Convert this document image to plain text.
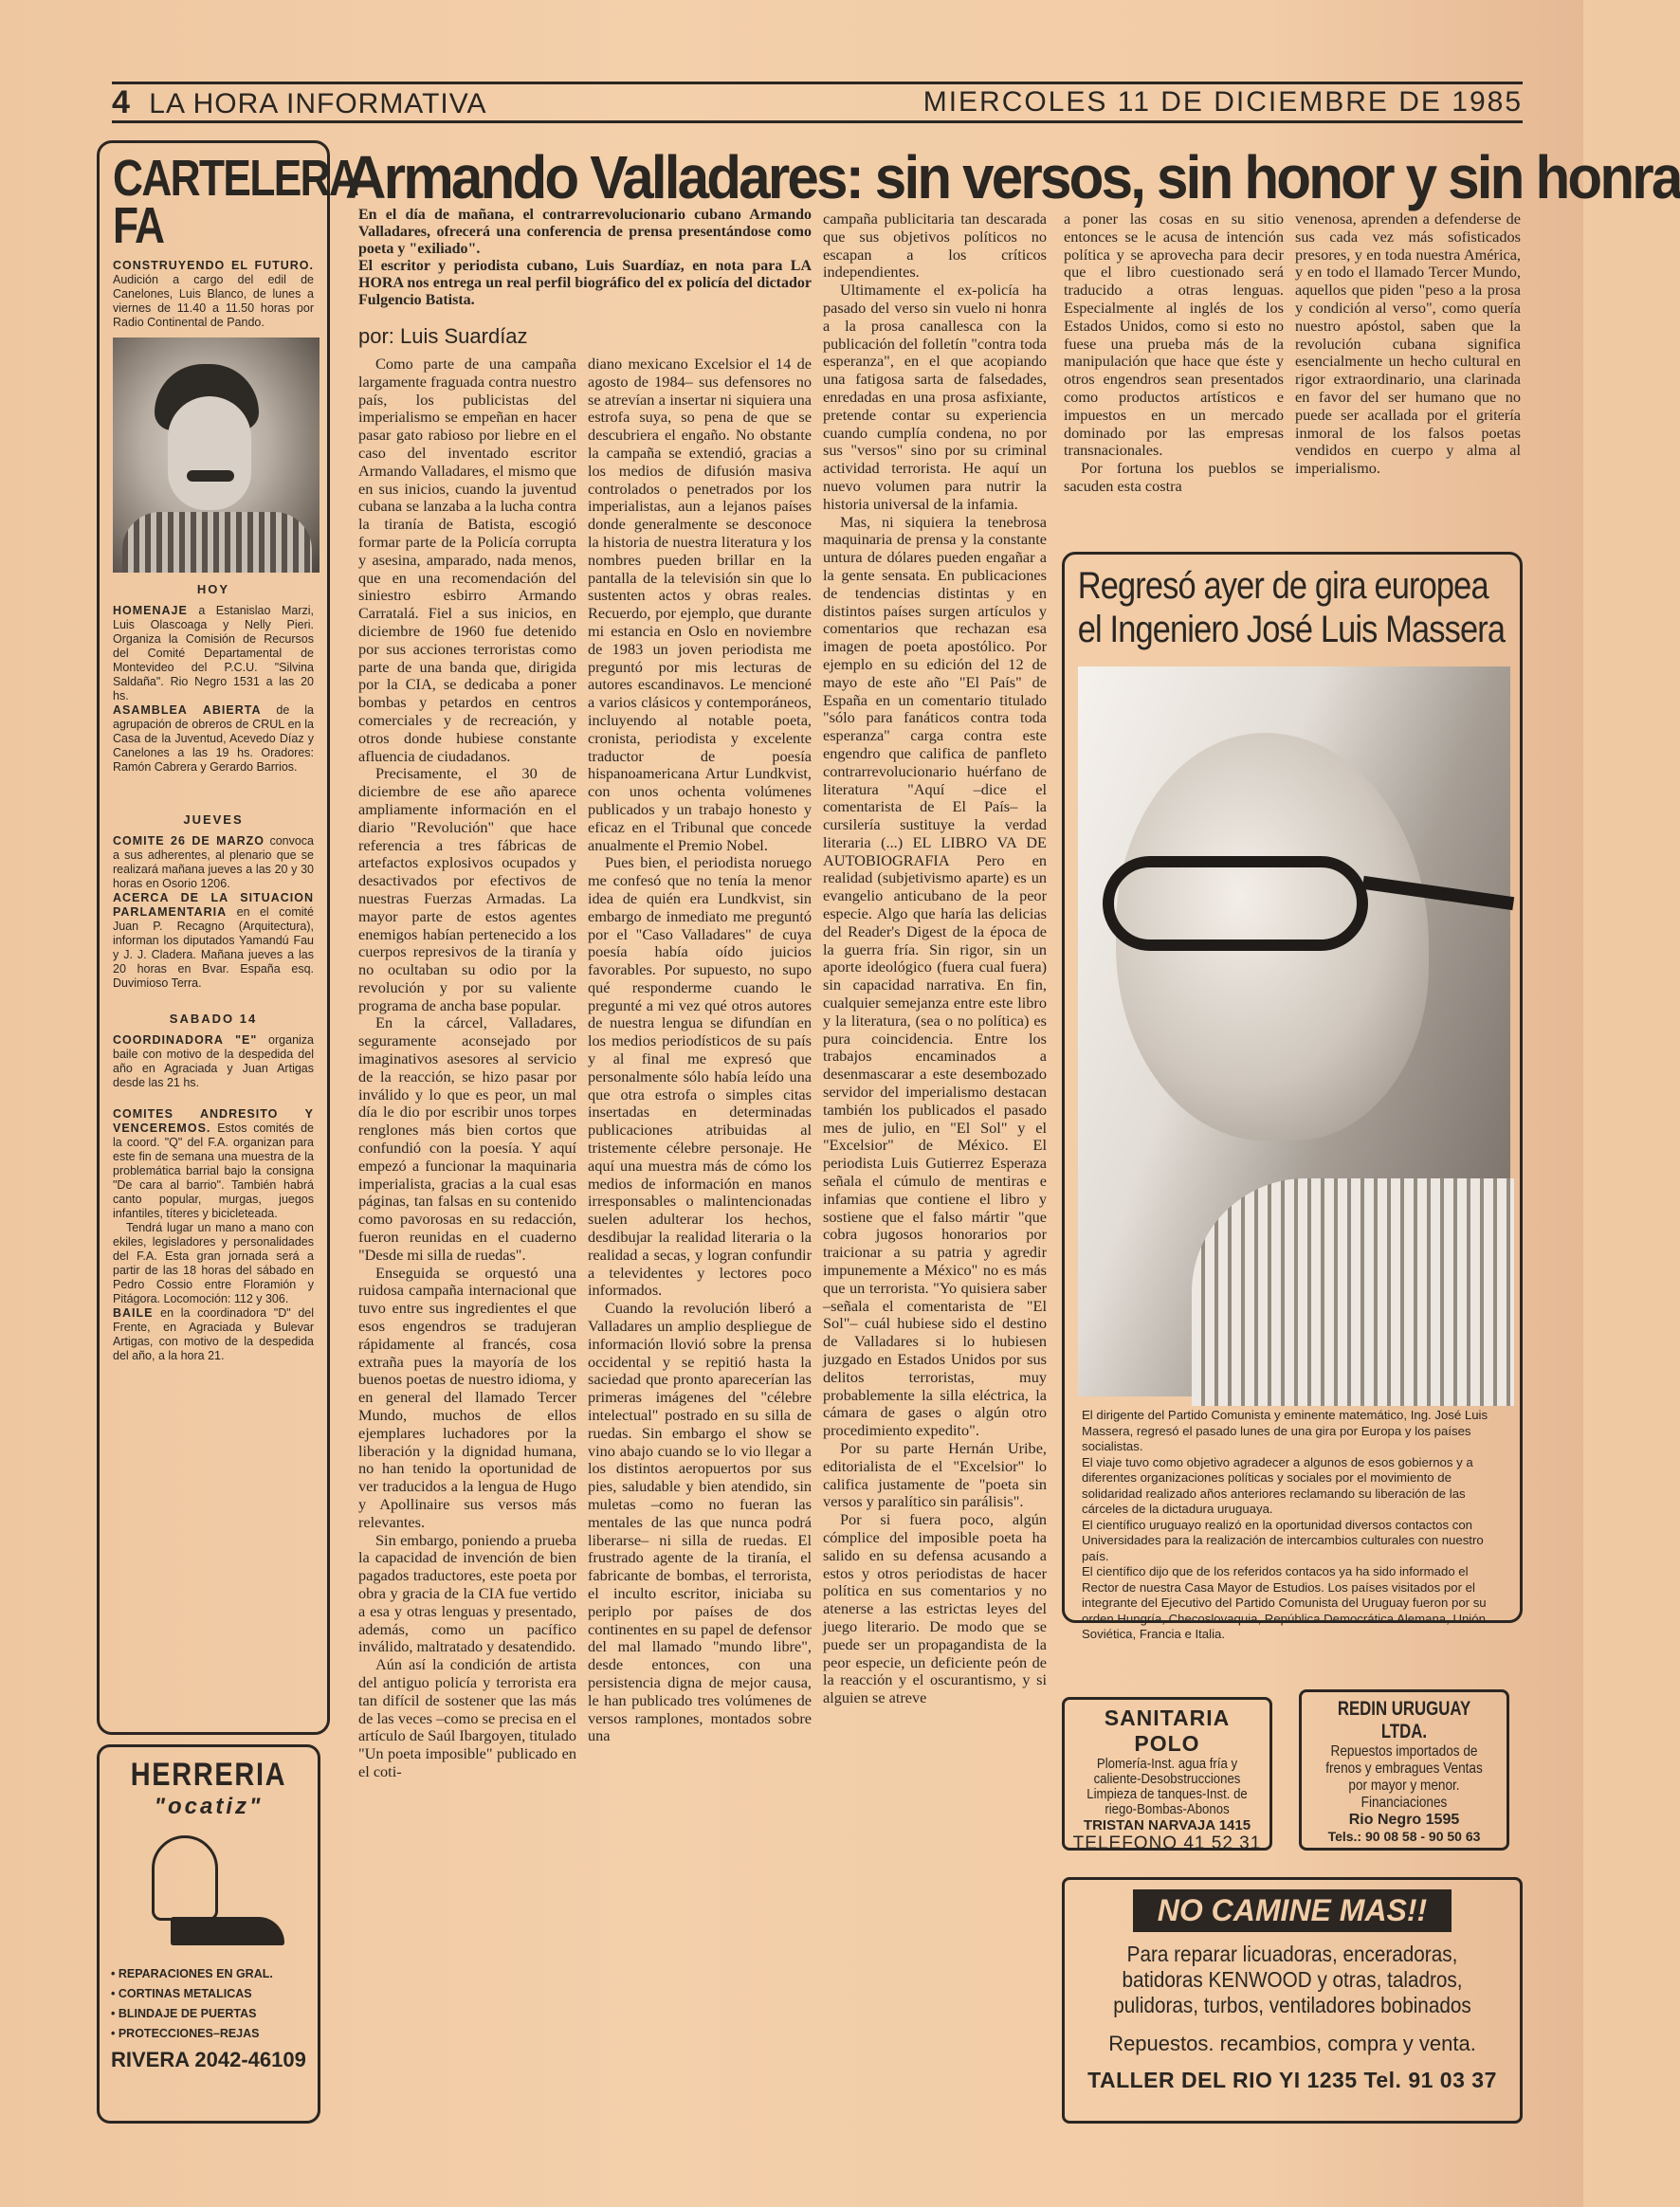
4 LA HORA INFORMATIVA	MIERCOLES 11 DE DICIEMBRE DE 1985
CARTELERA
FA

CONSTRUYENDO EL FUTURO. Audición a cargo del edil de Canelones, Luis Blanco, de lunes a viernes de 11.40 a 11.50 horas por Radio Continental de Pando.

HOY

HOMENAJE a Estanislao Marzi, Luis Olascoaga y Nelly Pieri. Organiza la Comisión de Recursos del Comité Departamental de Montevideo del P.C.U. "Silvina Saldaña". Rio Negro 1531 a las 20 hs.

ASAMBLEA ABIERTA de la agrupación de obreros de CRUL en la Casa de la Juventud, Acevedo Díaz y Canelones a las 19 hs. Oradores: Ramón Cabrera y Gerardo Barrios.

JUEVES

COMITE 26 DE MARZO convoca a sus adherentes, al plenario que se realizará mañana jueves a las 20 y 30 horas en Osorio 1206.

ACERCA DE LA SITUACION PARLAMENTARIA en el comité Juan P. Recagno (Arquitectura), informan los diputados Yamandú Fau y J. J. Cladera. Mañana jueves a las 20 horas en Bvar. España esq. Duvimioso Terra.

SABADO 14

COORDINADORA "E" organiza baile con motivo de la despedida del año en Agraciada y Juan Artigas desde las 21 hs.

COMITES ANDRESITO Y VENCEREMOS. Estos comités de la coord. "Q" del F.A. organizan para este fin de semana una muestra de la problemática barrial bajo la consigna "De cara al barrio". También habrá canto popular, murgas, juegos infantiles, títeres y bicicleteada.

Tendrá lugar un mano a mano con ekiles, legisladores y personalidades del F.A. Esta gran jornada será a partir de las 18 horas del sábado en Pedro Cossio entre Floramión y Pitágora. Locomoción: 112 y 306.

BAILE en la coordinadora "D" del Frente, en Agraciada y Bulevar Artigas, con motivo de la despedida del año, a la hora 21.

HERRERIA
"ocatiz"
• REPARACIONES EN GRAL.
• CORTINAS METALICAS
• BLINDAJE DE PUERTAS
• PROTECCIONES–REJAS
RIVERA 2042-46109
Armando Valladares: sin versos, sin honor y sin honra

En el día de mañana, el contrarrevolucionario cubano Armando Valladares, ofrecerá una conferencia de prensa presentándose como poeta y "exiliado".

El escritor y periodista cubano, Luis Suardíaz, en nota para LA HORA nos entrega un real perfil biográfico del ex policía del dictador Fulgencio Batista.

por: Luis Suardíaz

Como parte de una campaña largamente fraguada contra nuestro país, los publicistas del imperialismo se empeñan en hacer pasar gato rabioso por liebre en el caso del inventado escritor Armando Valladares, el mismo que en sus inicios, cuando la juventud cubana se lanzaba a la lucha contra la tiranía de Batista, escogió formar parte de la Policía corrupta y asesina, amparado, nada menos, que en una recomendación del siniestro esbirro Armando Carratalá. Fiel a sus inicios, en diciembre de 1960 fue detenido por sus acciones terroristas como parte de una banda que, dirigida por la CIA, se dedicaba a poner bombas y petardos en centros comerciales y de recreación, y otros donde hubiese constante afluencia de ciudadanos.

Precisamente, el 30 de diciembre de ese año aparece ampliamente información en el diario "Revolución" que hace referencia a tres fábricas de artefactos explosivos ocupados y desactivados por efectivos de nuestras Fuerzas Armadas. La mayor parte de estos agentes enemigos habían pertenecido a los cuerpos represivos de la tiranía y no ocultaban su odio por la revolución y por su valiente programa de ancha base popular.

En la cárcel, Valladares, seguramente aconsejado por imaginativos asesores al servicio de la reacción, se hizo pasar por inválido y lo que es peor, un mal día le dio por escribir unos torpes renglones más bien cortos que confundió con la poesía. Y aquí empezó a funcionar la maquinaria imperialista, gracias a la cual esas páginas, tan falsas en su contenido como pavorosas en su redacción, fueron reunidas en el cuaderno "Desde mi silla de ruedas".

Enseguida se orquestó una ruidosa campaña internacional que tuvo entre sus ingredientes el que esos engendros se tradujeran rápidamente al francés, cosa extraña pues la mayoría de los buenos poetas de nuestro idioma, y en general del llamado Tercer Mundo, muchos de ellos ejemplares luchadores por la liberación y la dignidad humana, no han tenido la oportunidad de ver traducidos a la lengua de Hugo y Apollinaire sus versos más relevantes.

Sin embargo, poniendo a prueba la capacidad de invención de bien pagados traductores, este poeta por obra y gracia de la CIA fue vertido a esa y otras lenguas y presentado, además, como un pacífico inválido, maltratado y desatendido.

Aún así la condición de artista del antiguo policía y terrorista era tan difícil de sostener que las más de las veces –como se precisa en el artículo de Saúl Ibargoyen, titulado "Un poeta imposible" publicado en el coti-

diano mexicano Excelsior el 14 de agosto de 1984– sus defensores no se atrevían a insertar ni siquiera una estrofa suya, so pena de que se descubriera el engaño. No obstante la campaña se extendió, gracias a los medios de difusión masiva controlados o penetrados por los imperialistas, aun a lejanos países donde generalmente se desconoce la historia de nuestra literatura y los nombres pueden brillar en la pantalla de la televisión sin que lo sustenten actos y obras reales. Recuerdo, por ejemplo, que durante mi estancia en Oslo en noviembre de 1983 un joven periodista me preguntó por mis lecturas de autores escandinavos. Le mencioné a varios clásicos y contemporáneos, incluyendo al notable poeta, cronista, periodista y excelente traductor de poesía hispanoamericana Artur Lundkvist, con unos ochenta volúmenes publicados y un trabajo honesto y eficaz en el Tribunal que concede anualmente el Premio Nobel.

Pues bien, el periodista noruego me confesó que no tenía la menor idea de quién era Lundkvist, sin embargo de inmediato me preguntó por el "Caso Valladares" de cuya poesía había oído juicios favorables. Por supuesto, no supo qué responderme cuando le pregunté a mi vez qué otros autores de nuestra lengua se difundían en los medios periodísticos de su país y al final me expresó que personalmente sólo había leído una que otra estrofa o simples citas insertadas en determinadas publicaciones atribuidas al tristemente célebre personaje. He aquí una muestra más de cómo los medios de información en manos irresponsables o malintencionadas suelen adulterar los hechos, desdibujar la realidad literaria o la realidad a secas, y logran confundir a televidentes y lectores poco informados.

Cuando la revolución liberó a Valladares un amplio despliegue de información llovió sobre la prensa occidental y se repitió hasta la saciedad que pronto aparecerían las primeras imágenes del "célebre intelectual" postrado en su silla de ruedas. Sin embargo el show se vino abajo cuando se lo vio llegar a los distintos aeropuertos por sus pies, saludable y bien atendido, sin muletas –como no fueran las mentales de las que nunca podrá liberarse– ni silla de ruedas. El frustrado agente de la tiranía, el fabricante de bombas, el terrorista, el inculto escritor, iniciaba su periplo por países de dos continentes en su papel de defensor del mal llamado "mundo libre", desde entonces, con una persistencia digna de mejor causa, le han publicado tres volúmenes de versos ramplones, montados sobre una

campaña publicitaria tan descarada que sus objetivos políticos no escapan a los críticos independientes.

Ultimamente el ex-policía ha pasado del verso sin vuelo ni honra a la prosa canallesca con la publicación del folletín "contra toda esperanza", en el que acopiando una fatigosa sarta de falsedades, enredadas en una prosa asfixiante, pretende contar su experiencia cuando cumplía condena, no por sus "versos" sino por su criminal actividad terrorista. He aquí un nuevo volumen para nutrir la historia universal de la infamia.

Mas, ni siquiera la tenebrosa maquinaria de prensa y la constante untura de dólares pueden engañar a la gente sensata. En publicaciones de tendencias distintas y en distintos países surgen artículos y comentarios que rechazan esa imagen de poeta apostólico. Por ejemplo en su edición del 12 de mayo de este año "El País" de España en un comentario titulado "sólo para fanáticos contra toda esperanza" carga contra este engendro que califica de panfleto contrarrevolucionario huérfano de literatura "Aquí –dice el comentarista de El País– la cursilería sustituye la verdad literaria (...) EL LIBRO VA DE AUTOBIOGRAFIA Pero en realidad (subjetivismo aparte) es un evangelio anticubano de la peor especie. Algo que haría las delicias del Reader's Digest de la época de la guerra fría. Sin rigor, sin un aporte ideológico (fuera cual fuera) sin capacidad narrativa. En fin, cualquier semejanza entre este libro y la literatura, (sea o no política) es pura coincidencia. Entre los trabajos encaminados a desenmascarar a este desembozado servidor del imperialismo destacan también los publicados el pasado mes de julio, en "El Sol" y el "Excelsior" de México. El periodista Luis Gutierrez Esperaza señala el cúmulo de mentiras e infamias que contiene el libro y sostiene que el falso mártir "que cobra jugosos honorarios por traicionar a su patria y agredir impunemente a México" no es más que un terrorista. "Yo quisiera saber –señala el comentarista de "El Sol"– cuál hubiese sido el destino de Valladares si lo hubiesen juzgado en Estados Unidos por sus delitos terroristas, muy probablemente la silla eléctrica, la cámara de gases o algún otro procedimiento expedito".

Por su parte Hernán Uribe, editorialista de el "Excelsior" lo califica justamente de "poeta sin versos y paralítico sin parálisis".

Por si fuera poco, algún cómplice del imposible poeta ha salido en su defensa acusando a estos y otros periodistas de hacer política en sus comentarios y no atenerse a las estrictas leyes del juego literario. De modo que se puede ser un propagandista de la peor especie, un deficiente peón de la reacción y el oscurantismo, y si alguien se atreve

a poner las cosas en su sitio entonces se le acusa de intención política y se aprovecha para decir que el libro cuestionado será traducido a otras lenguas. Especialmente al inglés de los Estados Unidos, como si esto no fuese una prueba más de la manipulación que hace que éste y otros engendros sean presentados como productos artísticos e impuestos en un mercado dominado por las empresas transnacionales.

Por fortuna los pueblos se sacuden esta costra

venenosa, aprenden a defenderse de sus cada vez más sofisticados presores, y en toda nuestra América, y en todo el llamado Tercer Mundo, aquellos que piden "peso a la prosa y condición al verso", como quería nuestro apóstol, saben que la revolución cubana significa esencialmente un hecho cultural en rigor extraordinario, una clarinada en favor del ser humano que no puede ser acallada por el gritería inmoral de los falsos poetas vendidos en cuerpo y alma al imperialismo.

Regresó ayer de gira europea
el Ingeniero José Luis Massera

El dirigente del Partido Comunista y eminente matemático, Ing. José Luis Massera, regresó el pasado lunes de una gira por Europa y los países socialistas.

El viaje tuvo como objetivo agradecer a algunos de esos gobiernos y a diferentes organizaciones políticas y sociales por el movimiento de solidaridad realizado años anteriores reclamando su liberación de las cárceles de la dictadura uruguaya.

El científico uruguayo realizó en la oportunidad diversos contactos con Universidades para la realización de intercambios culturales con nuestro país.

El científico dijo que de los referidos contacos ya ha sido informado el Rector de nuestra Casa Mayor de Estudios. Los países visitados por el integrante del Ejecutivo del Partido Comunista del Uruguay fueron por su orden Hungría, Checoslovaquia, República Democrática Alemana, Unión Soviética, Francia e Italia.

SANITARIA POLO
Plomería-Inst. agua fría y caliente-Desobstrucciones Limpieza de tanques-Inst. de riego-Bombas-Abonos
TRISTAN NARVAJA 1415
TELEFONO 41 52 31
REDIN URUGUAY LTDA.
Repuestos importados de frenos y embragues Ventas por mayor y menor. Financiaciones
Rio Negro 1595
Tels.: 90 08 58 - 90 50 63
NO CAMINE MAS!!
Para reparar licuadoras, enceradoras, batidoras KENWOOD y otras, taladros, pulidoras, turbos, ventiladores bobinados
Repuestos. recambios, compra y venta.
TALLER DEL RIO YI 1235 Tel. 91 03 37
